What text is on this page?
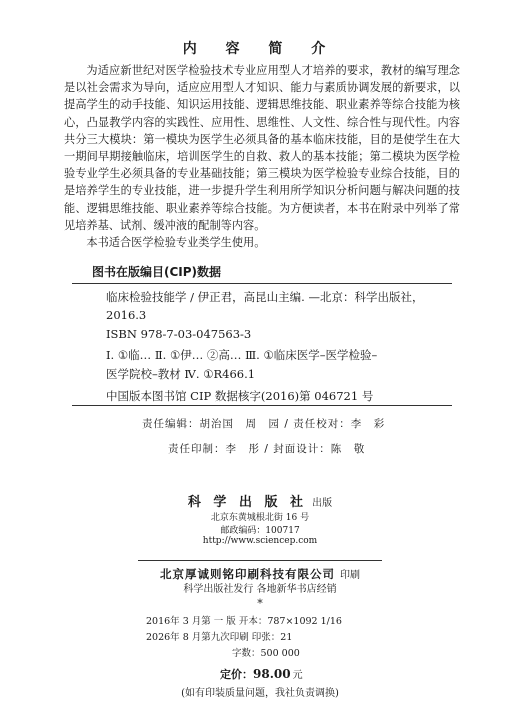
内 容 简 介

为适应新世纪对医学检验技术专业应用型人才培养的要求，教材的编写理念是以社会需求为导向，适应应用型人才知识、能力与素质协调发展的新要求，以提高学生的动手技能、知识运用技能、逻辑思维技能、职业素养等综合技能为核心，凸显教学内容的实践性、应用性、思维性、人文性、综合性与现代性。内容共分三大模块：第一模块为医学生必须具备的基本临床技能，目的是使学生在大一期间早期接触临床，培训医学生的自救、救人的基本技能；第二模块为医学检验专业学生必须具备的专业基础技能；第三模块为医学检验专业综合技能，目的是培养学生的专业技能，进一步提升学生利用所学知识分析问题与解决问题的技能、逻辑思维技能、职业素养等综合技能。为方便读者，本书在附录中列举了常见培养基、试剂、缓冲液的配制等内容。

本书适合医学检验专业类学生使用。

图书在版编目(CIP)数据
临床检验技能学 / 伊正君，高昆山主编. —北京：科学出版社，
2016.3
ISBN 978-7-03-047563-3
Ⅰ. ①临… Ⅱ. ①伊… ②高… Ⅲ. ①临床医学–医学检验–
医学院校–教材 Ⅳ. ①R466.1
中国版本图书馆 CIP 数据核字(2016)第 046721 号
责任编辑：胡治国　周　园 / 责任校对：李　彩
责任印制：李　彤 / 封面设计：陈　敬
科 学 出 版 社 出版
北京东黄城根北街 16 号
邮政编码：100717
http://www.sciencep.com
北京厚诚则铭印刷科技有限公司 印刷
科学出版社发行 各地新华书店经销
*
2016年 3 月第 一 版 开本：787×1092 1/16
2026年 8 月第九次印刷 印张：21
字数：500 000
定价：98.00 元
(如有印装质量问题，我社负责调换)
